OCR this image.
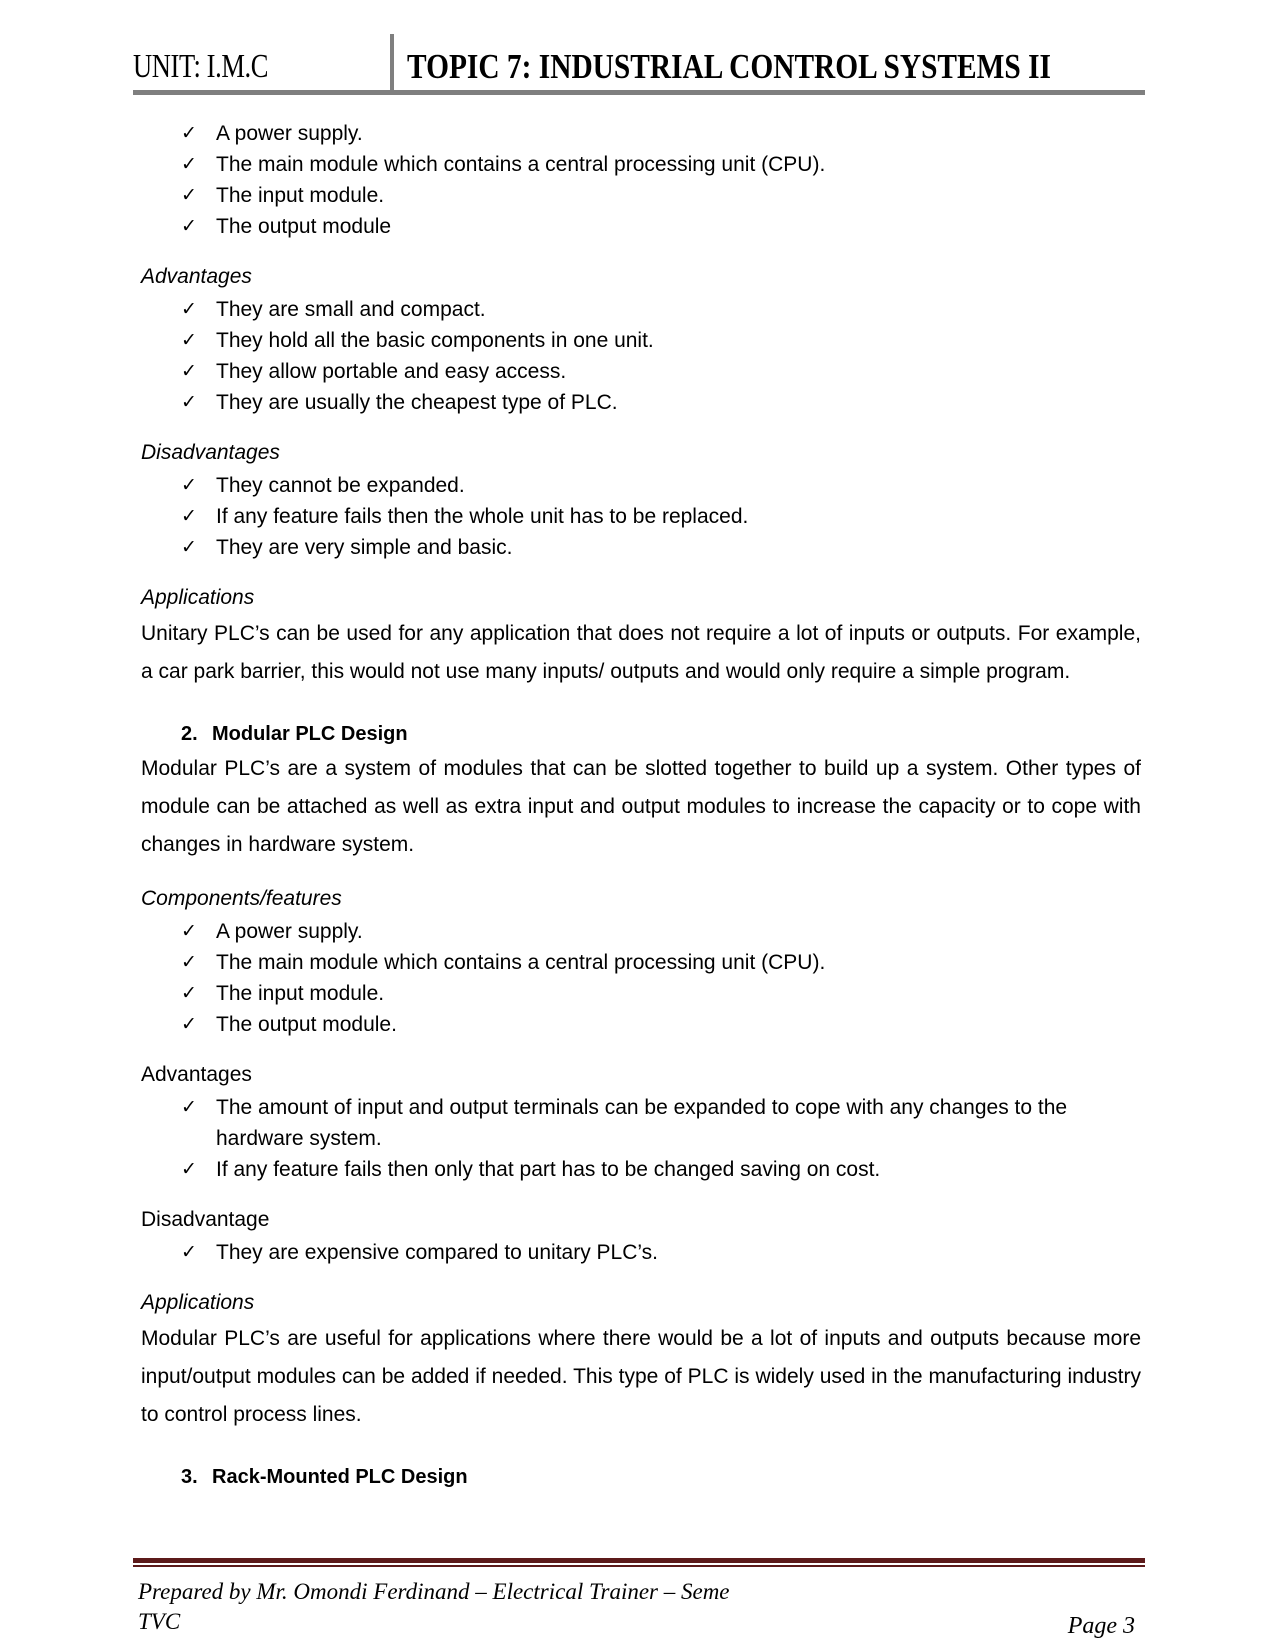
UNIT: I.M.C	TOPIC 7: INDUSTRIAL CONTROL SYSTEMS II
✓ A power supply.
✓ The main module which contains a central processing unit (CPU).
✓ The input module.
✓ The output module

Advantages

✓ They are small and compact.
✓ They hold all the basic components in one unit.
✓ They allow portable and easy access.
✓ They are usually the cheapest type of PLC.

Disadvantages

✓ They cannot be expanded.
✓ If any feature fails then the whole unit has to be replaced.
✓ They are very simple and basic.

Applications

Unitary PLC’s can be used for any application that does not require a lot of inputs or outputs. For example, a car park barrier, this would not use many inputs/ outputs and would only require a simple program.

2. Modular PLC Design

Modular PLC’s are a system of modules that can be slotted together to build up a system. Other types of module can be attached as well as extra input and output modules to increase the capacity or to cope with changes in hardware system.

Components/features

✓ A power supply.
✓ The main module which contains a central processing unit (CPU).
✓ The input module.
✓ The output module.

Advantages

✓ The amount of input and output terminals can be expanded to cope with any changes to the hardware system.
✓ If any feature fails then only that part has to be changed saving on cost.

Disadvantage

✓ They are expensive compared to unitary PLC’s.

Applications

Modular PLC’s are useful for applications where there would be a lot of inputs and outputs because more input/output modules can be added if needed. This type of PLC is widely used in the manufacturing industry to control process lines.

3. Rack-Mounted PLC Design

Prepared by Mr. Omondi Ferdinand – Electrical Trainer – Seme TVC	Page 3
